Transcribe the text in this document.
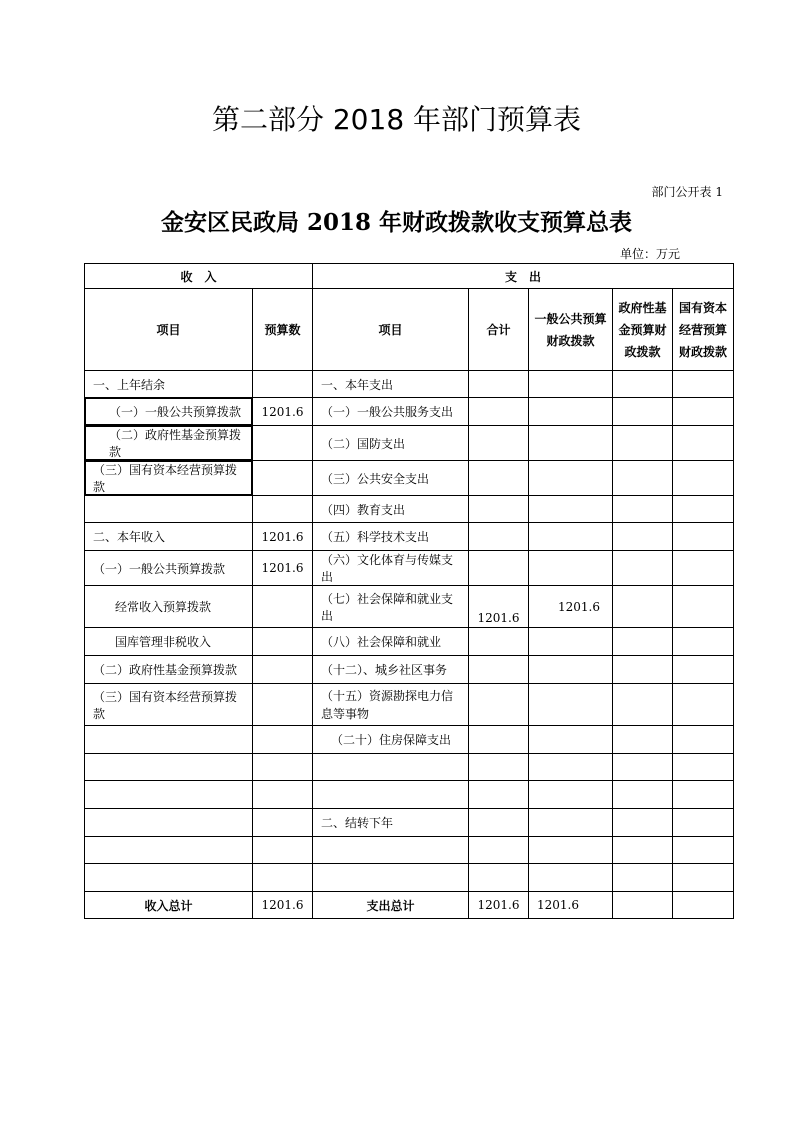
第二部分 2018 年部门预算表
部门公开表 1
金安区民政局 2018 年财政拨款收支预算总表
单位：万元
收　入		支　出				
项目	预算数	项目	合计	一般公共预算财政拨款	政府性基金预算财政拨款	国有资本经营预算财政拨款
一、上年结余		一、本年支出				
（一）一般公共预算拨款	1201.6	（一）一般公共服务支出				
（二）政府性基金预算拨款		（二）国防支出				
（三）国有资本经营预算拨款		（三）公共安全支出				
		（四）教育支出				
二、本年收入	1201.6	（五）科学技术支出				
（一）一般公共预算拨款	1201.6	（六）文化体育与传媒支出				
经常收入预算拨款		（七）社会保障和就业支出	1201.6	1201.6		
国库管理非税收入		（八）社会保障和就业				
（二）政府性基金预算拨款		（十二）、城乡社区事务				
（三）国有资本经营预算拨款		（十五）资源勘探电力信息等事物				
		（二十）住房保障支出				

		二、结转下年				

收入总计	1201.6	支出总计	1201.6	1201.6		
